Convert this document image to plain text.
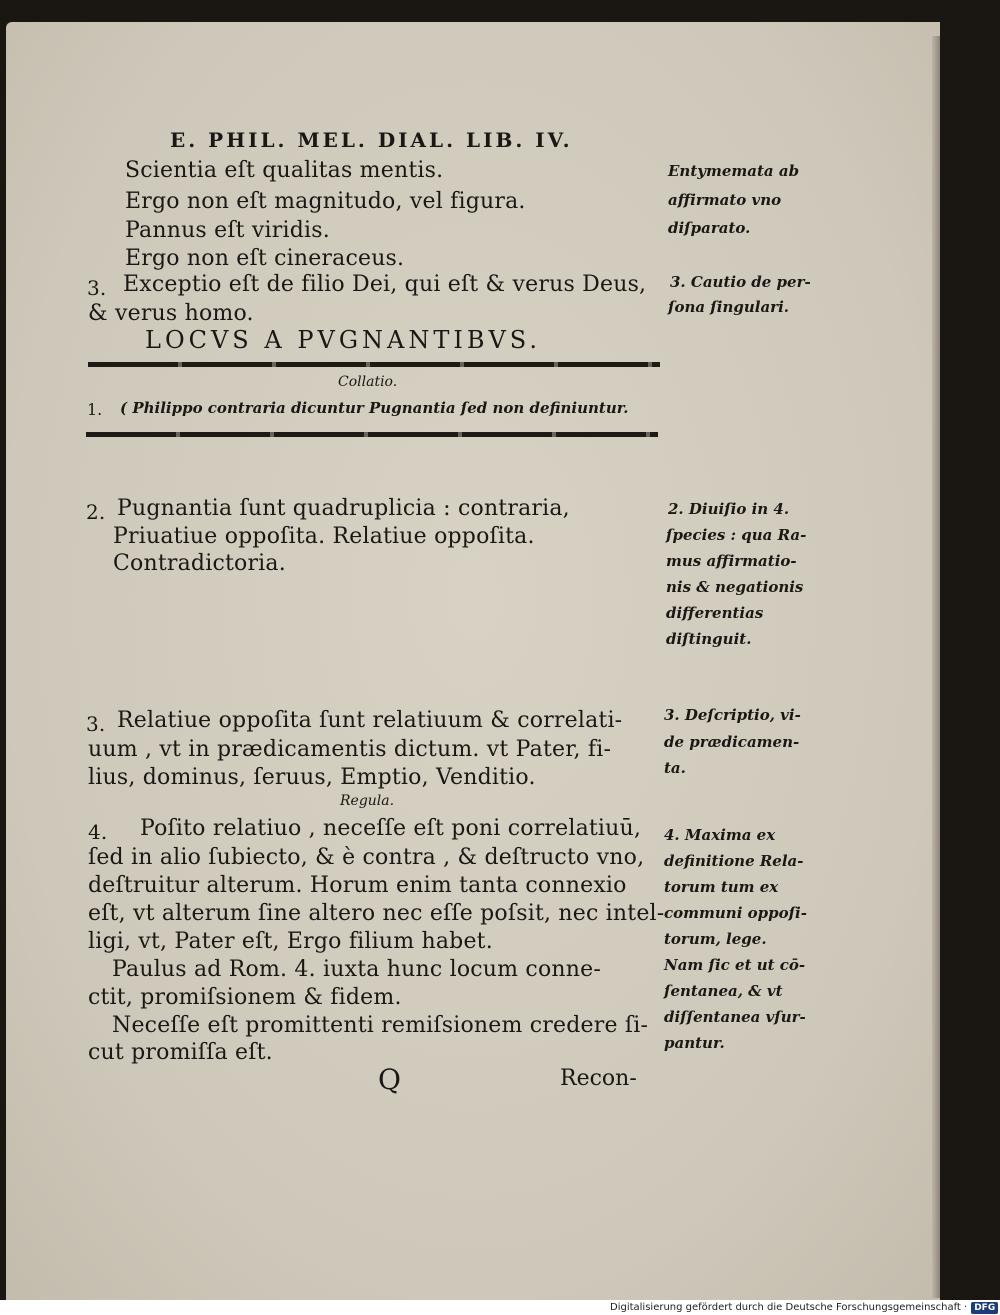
E. PHIL. MEL. DIAL. LIB. IV.
Scientia eſt qualitas mentis.
Ergo non eſt magnitudo, vel figura.
Pannus eſt viridis.
Ergo non eſt cineraceus.
Entymemata ab
affirmato vno
diſparato.
3. Exceptio eſt de filio Dei, qui eſt & verus Deus,
& verus homo.
3. Cautio de per-
ſona ſingulari.
LOCVS A PVGNANTIBVS.
Collatio.
1. ( Philippo contraria dicuntur Pugnantia ſed non definiuntur.
2. Pugnantia ſunt quadruplicia : contraria,
Priuatiue oppoſita. Relatiue oppoſita.
Contradictoria.
2. Diuiſio in 4.
ſpecies : qua Ra-
mus affirmatio-
nis & negationis
differentias
diſtinguit.
3. Relatiue oppoſita ſunt relatiuum & correlati-
uum , vt in prædicamentis dictum. vt Pater, fi-
lius, dominus, ſeruus, Emptio, Venditio.
3. Deſcriptio, vi-
de prædicamen-
ta.
Regula.
4. Poſito relatiuo , neceſſe eſt poni correlatiuū,
ſed in alio ſubiecto, & è contra , & deſtructo vno,
deſtruitur alterum. Horum enim tanta connexio
eſt, vt alterum ſine altero nec eſſe poſsit, nec intel-
ligi, vt, Pater eſt, Ergo filium habet.
Paulus ad Rom. 4. iuxta hunc locum conne-
ctit, promiſsionem & fidem.
Neceſſe eſt promittenti remiſsionem credere ſi-
cut promiſſa eſt.
4. Maxima ex
definitione Rela-
torum tum ex
communi oppoſi-
torum, lege.
Nam ſic et ut cō-
ſentanea, & vt
diſſentanea vſur-
pantur.
Q	Recon-
Digitalisierung gefördert durch die Deutsche Forschungsgemeinschaft · DFG
